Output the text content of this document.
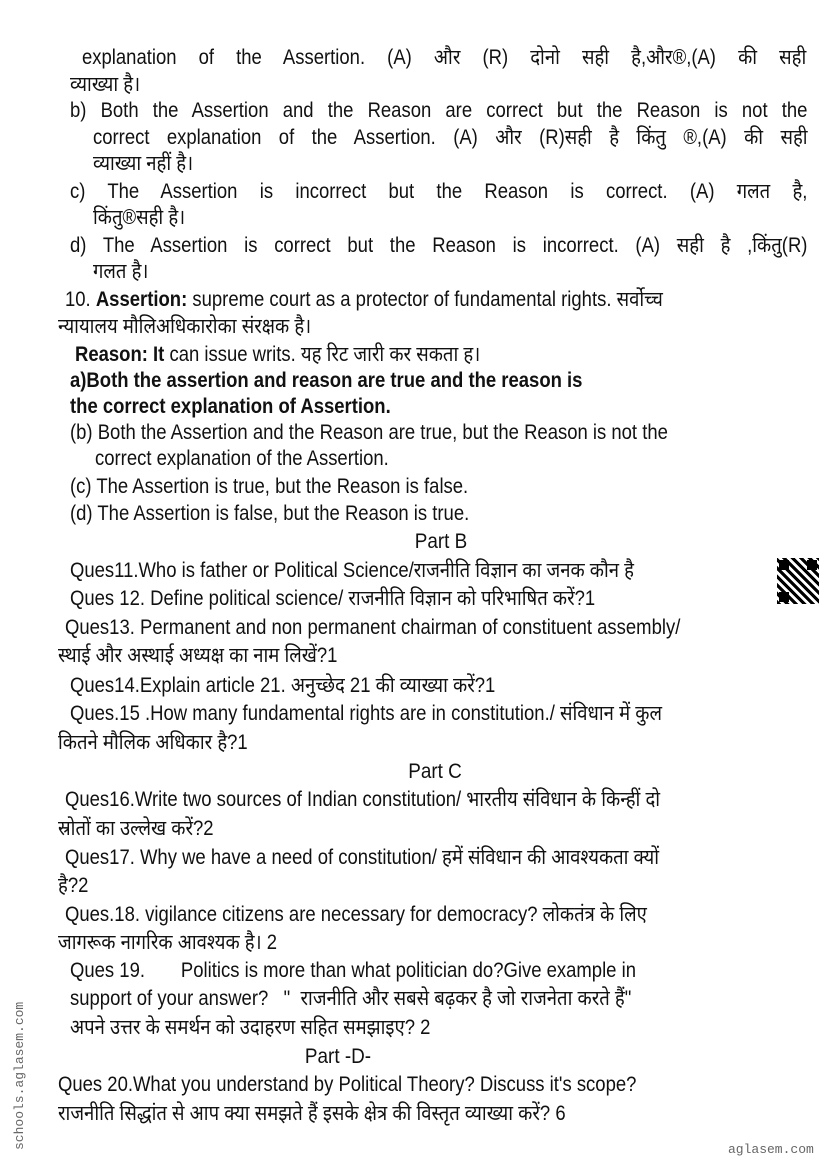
explanation of the Assertion. (A) और (R) दोनो सही है,और®,(A) की सही
व्याख्या है।
b) Both the Assertion and the Reason are correct but the Reason is not the
correct explanation of the Assertion. (A) और (R)सही है किंतु ®,(A) की सही
व्याख्या नहीं है।
c) The Assertion is incorrect but the Reason is correct. (A) गलत है,
किंतु®सही है।
d) The Assertion is correct but the Reason is incorrect. (A) सही है ,किंतु(R)
गलत है।
10. Assertion: supreme court as a protector of fundamental rights. सर्वोच्च
न्यायालय मौलिअधिकारोका संरक्षक है।
Reason: It can issue writs. यह रिट जारी कर सकता ह।
a)Both the assertion and reason are true and the reason is
the correct explanation of Assertion.
(b) Both the Assertion and the Reason are true, but the Reason is not the
correct explanation of the Assertion.
(c) The Assertion is true, but the Reason is false.
(d) The Assertion is false, but the Reason is true.
Part B
Ques11.Who is father or Political Science/राजनीति विज्ञान का जनक कौन है
Ques 12. Define political science/ राजनीति विज्ञान को परिभाषित करें?1
Ques13. Permanent and non permanent chairman of constituent assembly/
स्थाई और अस्थाई अध्यक्ष का नाम लिखें?1
Ques14.Explain article 21. अनुच्छेद 21 की व्याख्या करें?1
Ques.15 .How many fundamental rights are in constitution./ संविधान में कुल
कितने मौलिक अधिकार है?1
Part C
Ques16.Write two sources of Indian constitution/ भारतीय संविधान के किन्हीं दो
स्रोतों का उल्लेख करें?2
Ques17. Why we have a need of constitution/ हमें संविधान की आवश्यकता क्यों
है?2
Ques.18. vigilance citizens are necessary for democracy? लोकतंत्र के लिए
जागरूक नागरिक आवश्यक है। 2
Ques 19.       Politics is more than what politician do?Give example in
support of your answer?   "  राजनीति और सबसे बढ़कर है जो राजनेता करते हैं"
अपने उत्तर के समर्थन को उदाहरण सहित समझाइए? 2
Part -D-
Ques 20.What you understand by Political Theory? Discuss it's scope?
राजनीति सिद्धांत से आप क्या समझते हैं इसके क्षेत्र की विस्तृत व्याख्या करें? 6
aglasem.com
schools.aglasem.com
